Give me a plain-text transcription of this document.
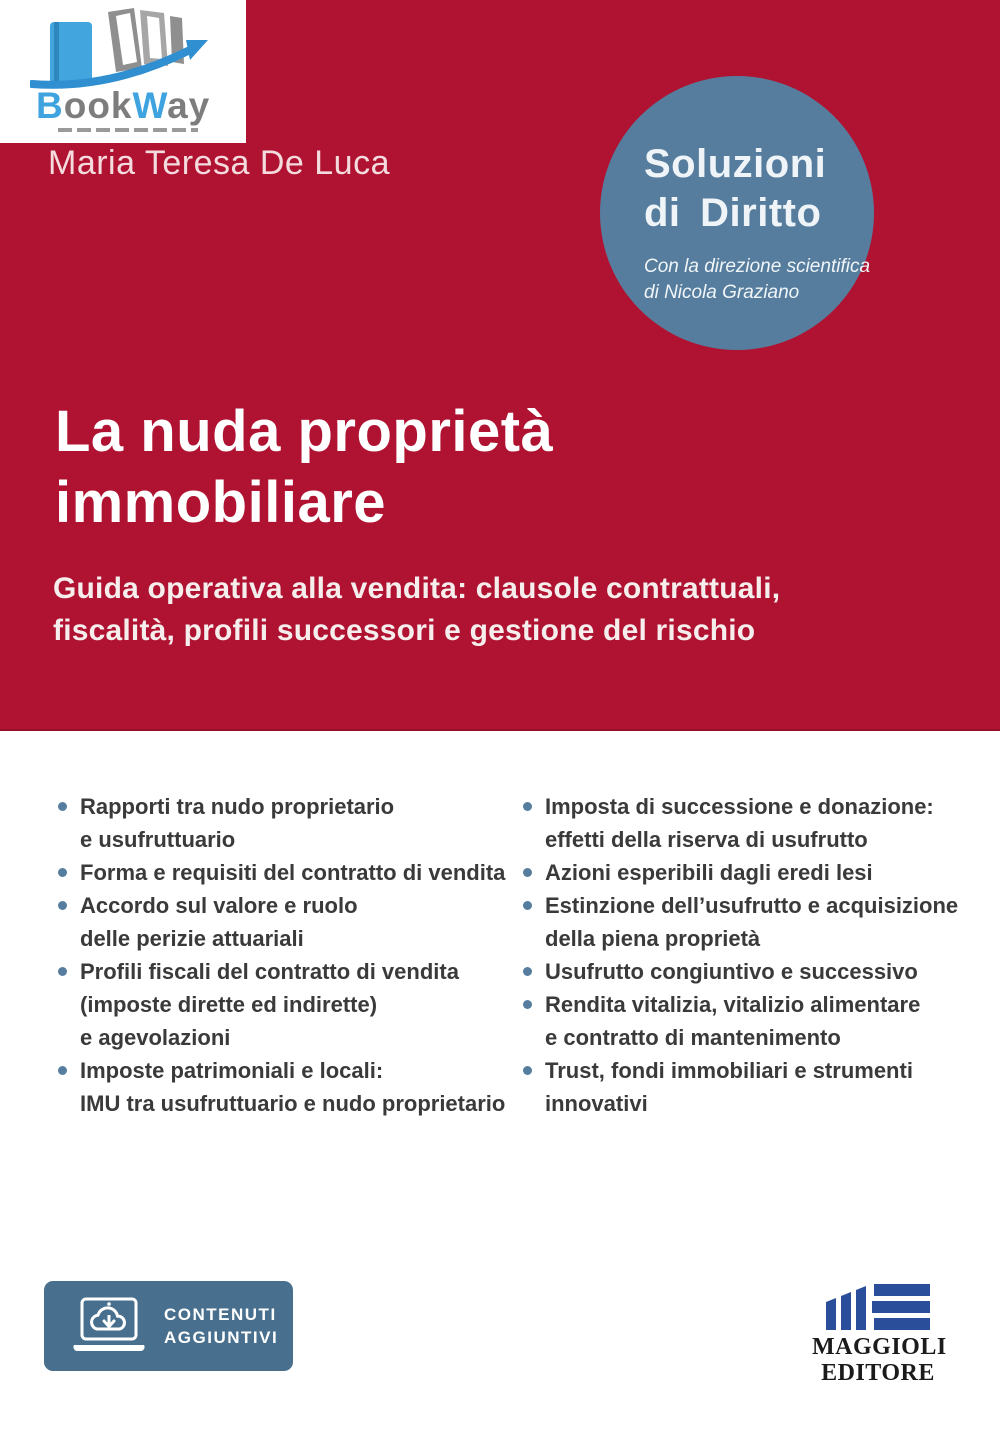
BookWay
Maria Teresa De Luca	Soluzioni
di Diritto
Con la direzione scientifica
di Nicola Graziano
La nuda proprietà
immobiliare
Guida operativa alla vendita: clausole contrattuali,
fiscalità, profili successori e gestione del rischio
Rapporti tra nudo proprietario
e usufruttuario
Forma e requisiti del contratto di vendita
Accordo sul valore e ruolo
delle perizie attuariali
Profili fiscali del contratto di vendita
(imposte dirette ed indirette)
e agevolazioni
Imposte patrimoniali e locali:
IMU tra usufruttuario e nudo proprietario
Imposta di successione e donazione:
effetti della riserva di usufrutto
Azioni esperibili dagli eredi lesi
Estinzione dell’usufrutto e acquisizione
della piena proprietà
Usufrutto congiuntivo e successivo
Rendita vitalizia, vitalizio alimentare
e contratto di mantenimento
Trust, fondi immobiliari e strumenti
innovativi
CONTENUTI
AGGIUNTIVI	MAGGIOLI
EDITORE
